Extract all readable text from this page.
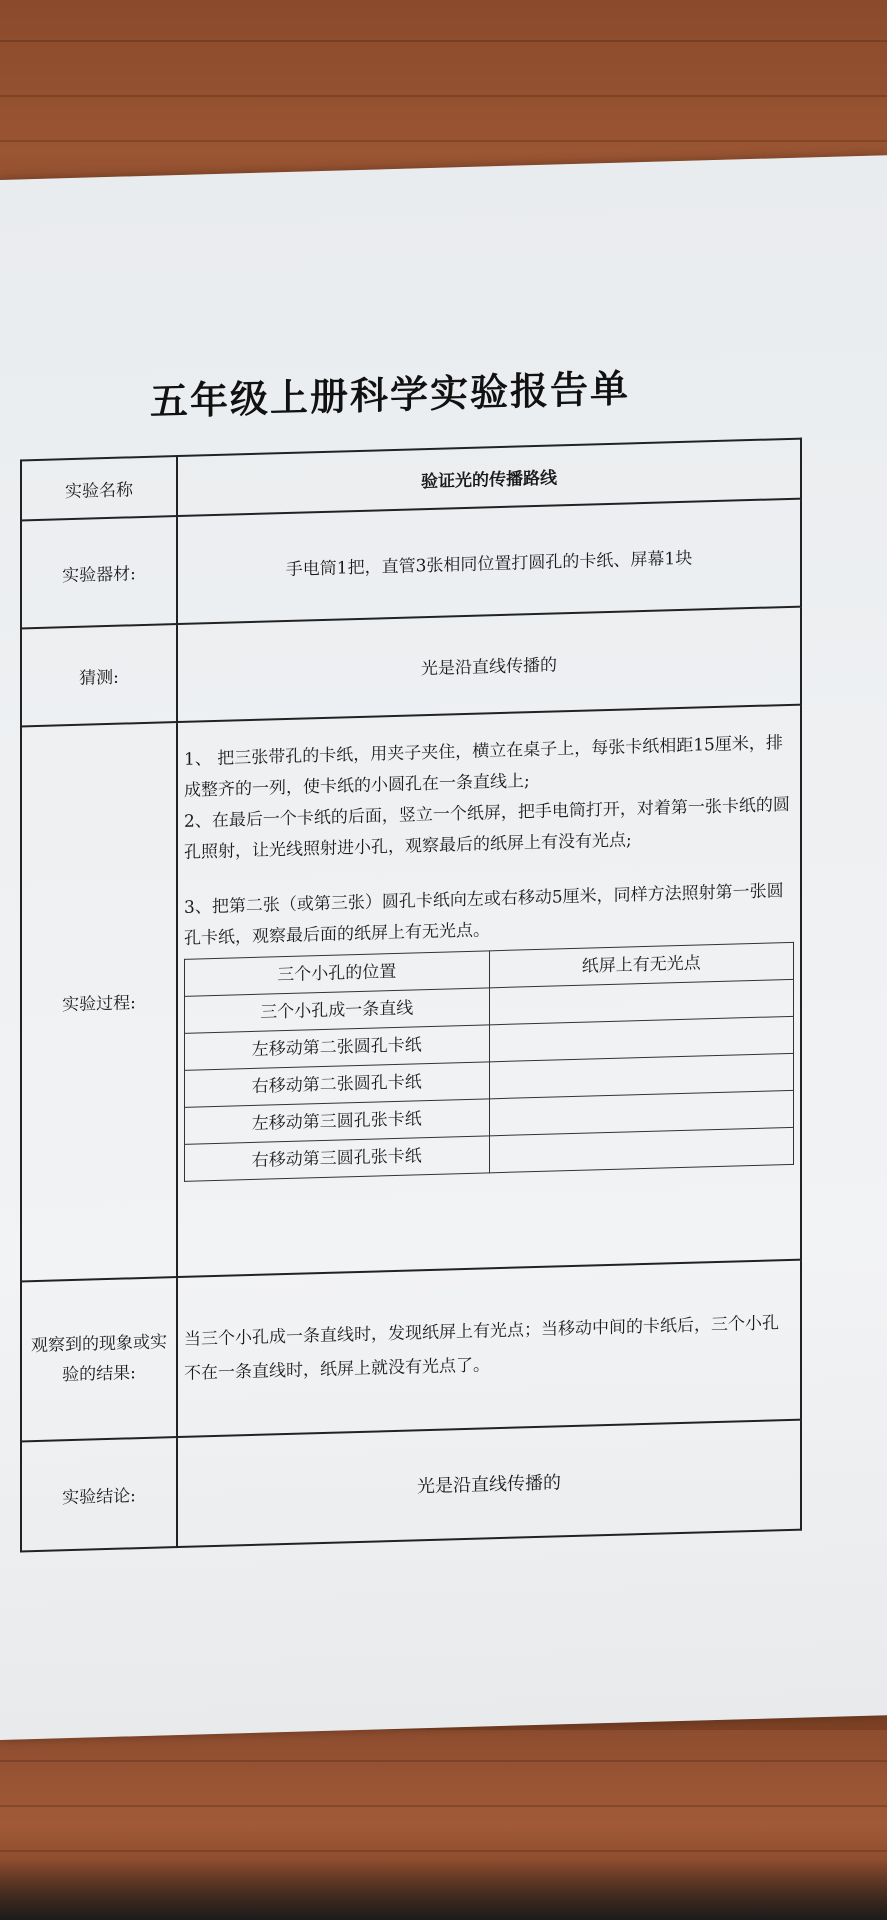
五年级上册科学实验报告单
实验名称	验证光的传播路线
实验器材:	手电筒1把，直管3张相同位置打圆孔的卡纸、屏幕1块
猜测:	光是沿直线传播的
实验过程:	

1、 把三张带孔的卡纸，用夹子夹住，横立在桌子上，每张卡纸相距15厘米，排成整齐的一列，使卡纸的小圆孔在一条直线上;

2、在最后一个卡纸的后面，竖立一个纸屏，把手电筒打开，对着第一张卡纸的圆孔照射，让光线照射进小孔，观察最后的纸屏上有没有光点;

3、把第二张（或第三张）圆孔卡纸向左或右移动5厘米，同样方法照射第一张圆孔卡纸，观察最后面的纸屏上有无光点。

三个小孔的位置	纸屏上有无光点
三个小孔成一条直线	
左移动第二张圆孔卡纸	
右移动第二张圆孔卡纸	
左移动第三圆孔张卡纸	
右移动第三圆孔张卡纸	

观察到的现象或实验的结果:	当三个小孔成一条直线时，发现纸屏上有光点；当移动中间的卡纸后，三个小孔不在一条直线时，纸屏上就没有光点了。
实验结论:	光是沿直线传播的
